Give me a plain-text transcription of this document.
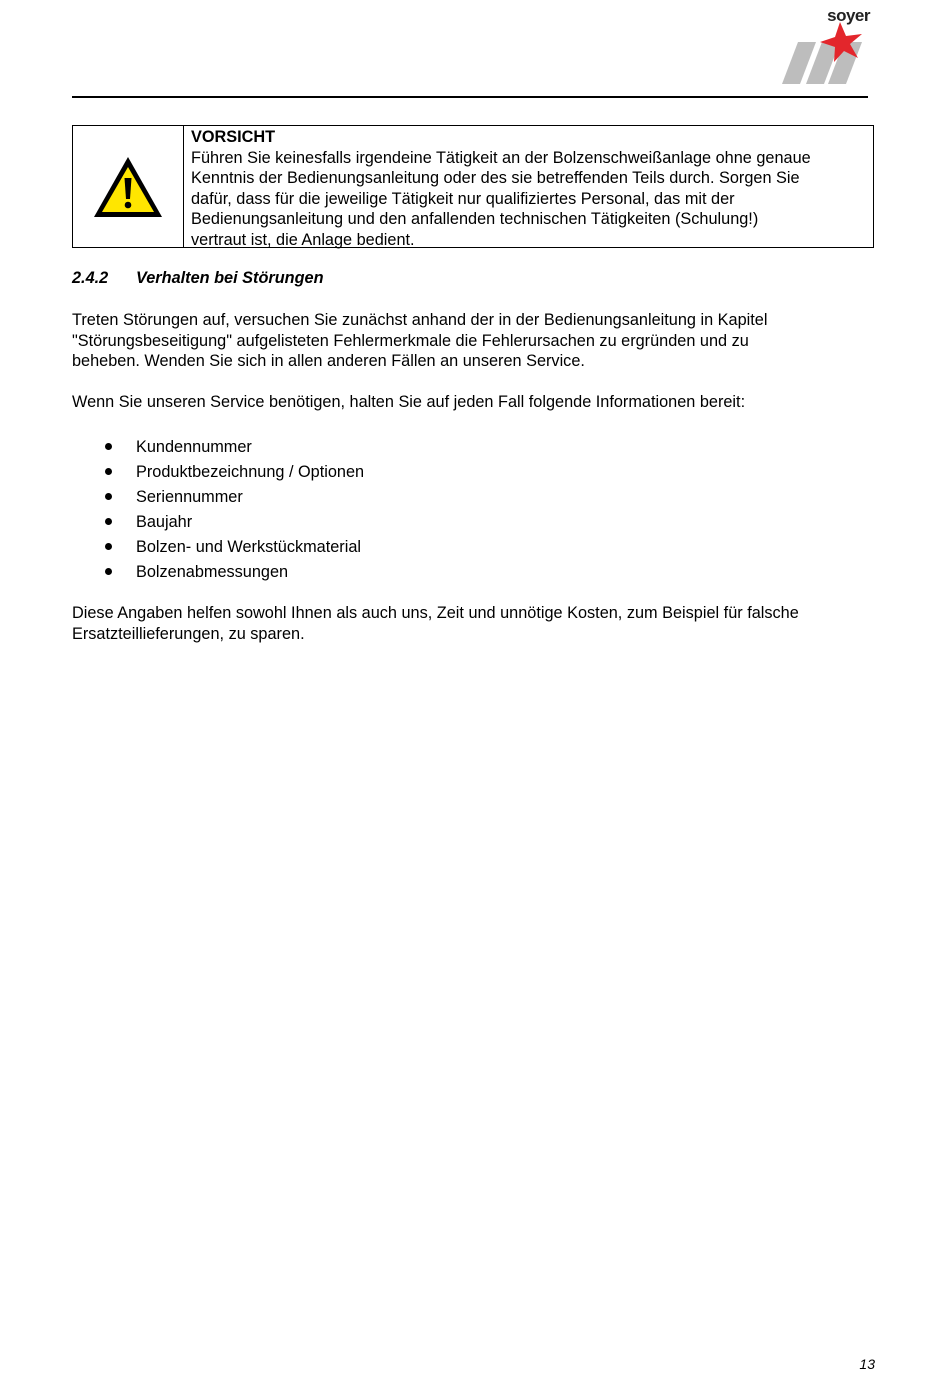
soyer
VORSICHT
Führen Sie keinesfalls irgendeine Tätigkeit an der Bolzenschweißanlage ohne genaue
Kenntnis der Bedienungsanleitung oder des sie betreffenden Teils durch. Sorgen Sie
dafür, dass für die jeweilige Tätigkeit nur qualifiziertes Personal, das mit der
Bedienungsanleitung und den anfallenden technischen Tätigkeiten (Schulung!)
vertraut ist, die Anlage bedient.
2.4.2 Verhalten bei Störungen
Treten Störungen auf, versuchen Sie zunächst anhand der in der Bedienungsanleitung in Kapitel
"Störungsbeseitigung" aufgelisteten Fehlermerkmale die Fehlerursachen zu ergründen und zu
beheben. Wenden Sie sich in allen anderen Fällen an unseren Service.
Wenn Sie unseren Service benötigen, halten Sie auf jeden Fall folgende Informationen bereit:
Kundennummer
Produktbezeichnung / Optionen
Seriennummer
Baujahr
Bolzen- und Werkstückmaterial
Bolzenabmessungen
Diese Angaben helfen sowohl Ihnen als auch uns, Zeit und unnötige Kosten, zum Beispiel für falsche
Ersatzteillieferungen, zu sparen.
13
